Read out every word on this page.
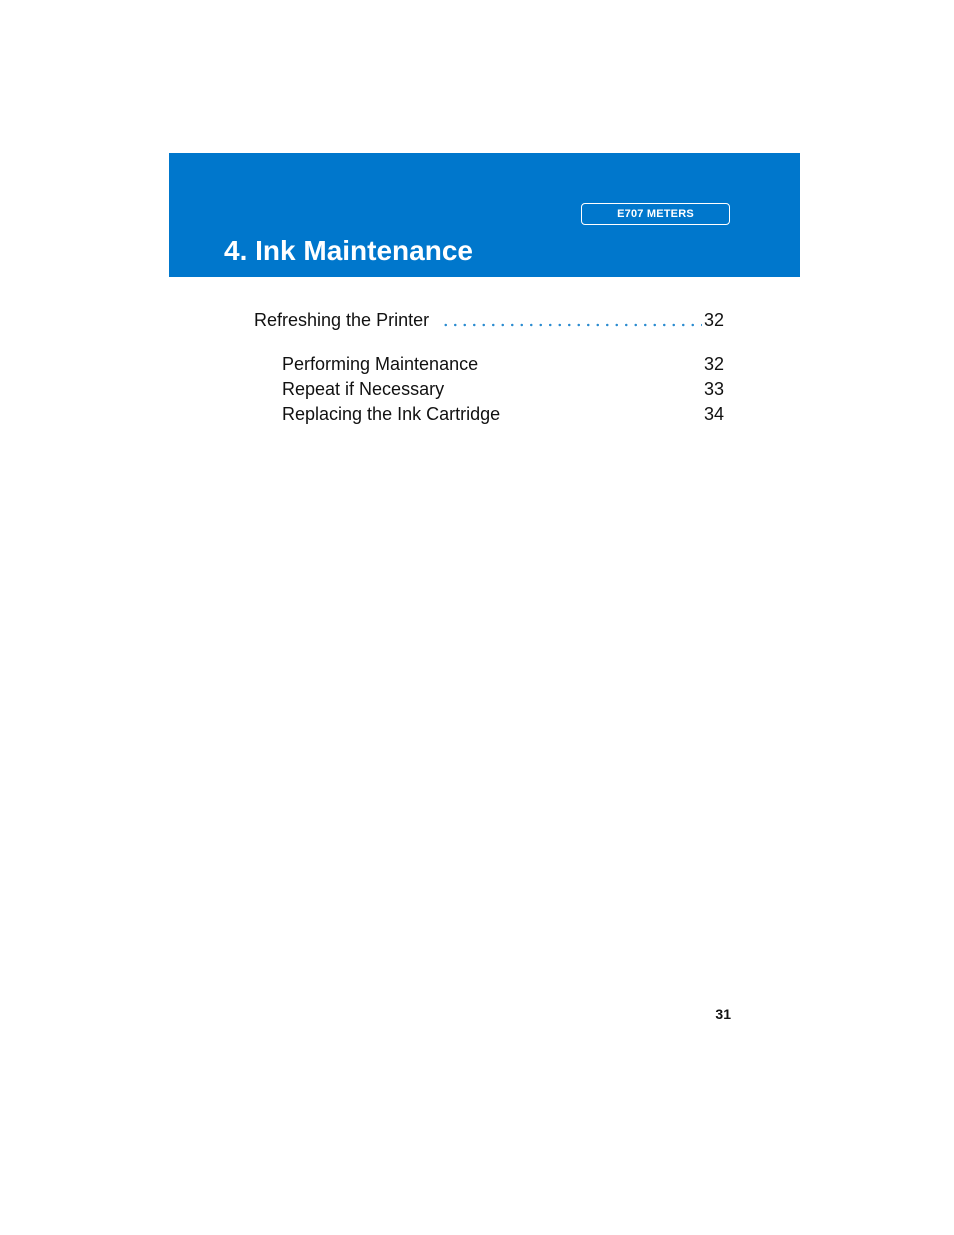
E707 METERS
4. Ink Maintenance
Refreshing the Printer	32
Performing Maintenance	32
Repeat if Necessary	33
Replacing the Ink Cartridge	34
31
